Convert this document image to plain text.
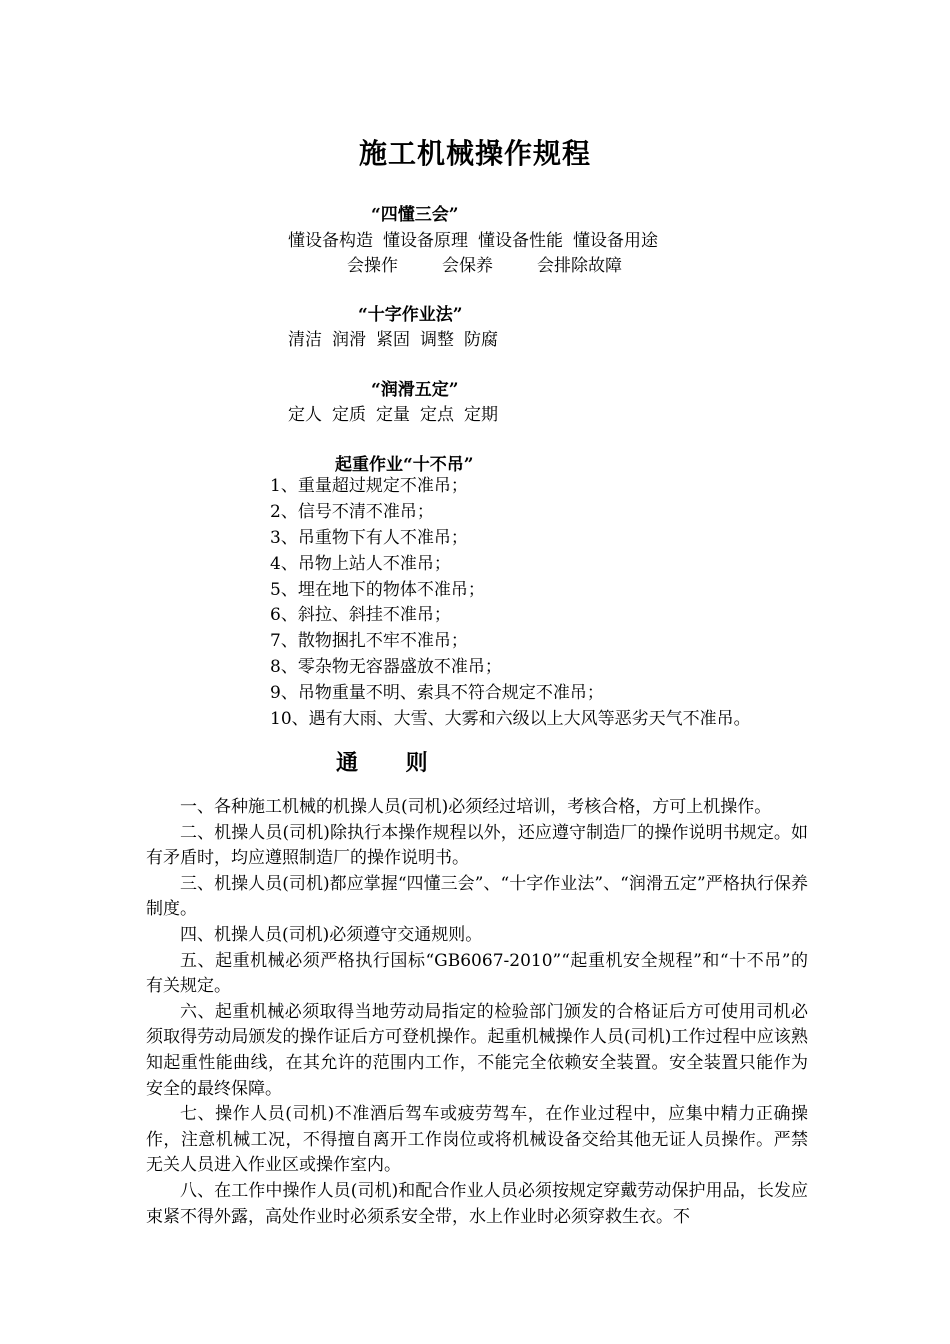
施工机械操作规程
“四懂三会”
懂设备构造 懂设备原理 懂设备性能 懂设备用途
会操作	会保养	会排除故障
“十字作业法”
清洁 润滑 紧固 调整 防腐
“润滑五定”
定人 定质 定量 定点 定期
起重作业“十不吊”
1、重量超过规定不准吊；
2、信号不清不准吊；
3、吊重物下有人不准吊；
4、吊物上站人不准吊；
5、埋在地下的物体不准吊；
6、斜拉、斜挂不准吊；
7、散物捆扎不牢不准吊；
8、零杂物无容器盛放不准吊；
9、吊物重量不明、索具不符合规定不准吊；
10、遇有大雨、大雪、大雾和六级以上大风等恶劣天气不准吊。
通 则

一、各种施工机械的机操人员(司机)必须经过培训，考核合格，方可上机操作。

二、机操人员(司机)除执行本操作规程以外，还应遵守制造厂的操作说明书规定。如有矛盾时，均应遵照制造厂的操作说明书。

三、机操人员(司机)都应掌握“四懂三会”、“十字作业法”、“润滑五定”严格执行保养制度。

四、机操人员(司机)必须遵守交通规则。

五、起重机械必须严格执行国标“GB6067-2010”“起重机安全规程”和“十不吊”的有关规定。

六、起重机械必须取得当地劳动局指定的检验部门颁发的合格证后方可使用司机必须取得劳动局颁发的操作证后方可登机操作。起重机械操作人员(司机)工作过程中应该熟知起重性能曲线，在其允许的范围内工作，不能完全依赖安全装置。安全装置只能作为安全的最终保障。

七、操作人员(司机)不准酒后驾车或疲劳驾车，在作业过程中，应集中精力正确操作，注意机械工况，不得擅自离开工作岗位或将机械设备交给其他无证人员操作。严禁无关人员进入作业区或操作室内。

八、在工作中操作人员(司机)和配合作业人员必须按规定穿戴劳动保护用品，长发应束紧不得外露，高处作业时必须系安全带，水上作业时必须穿救生衣。不
